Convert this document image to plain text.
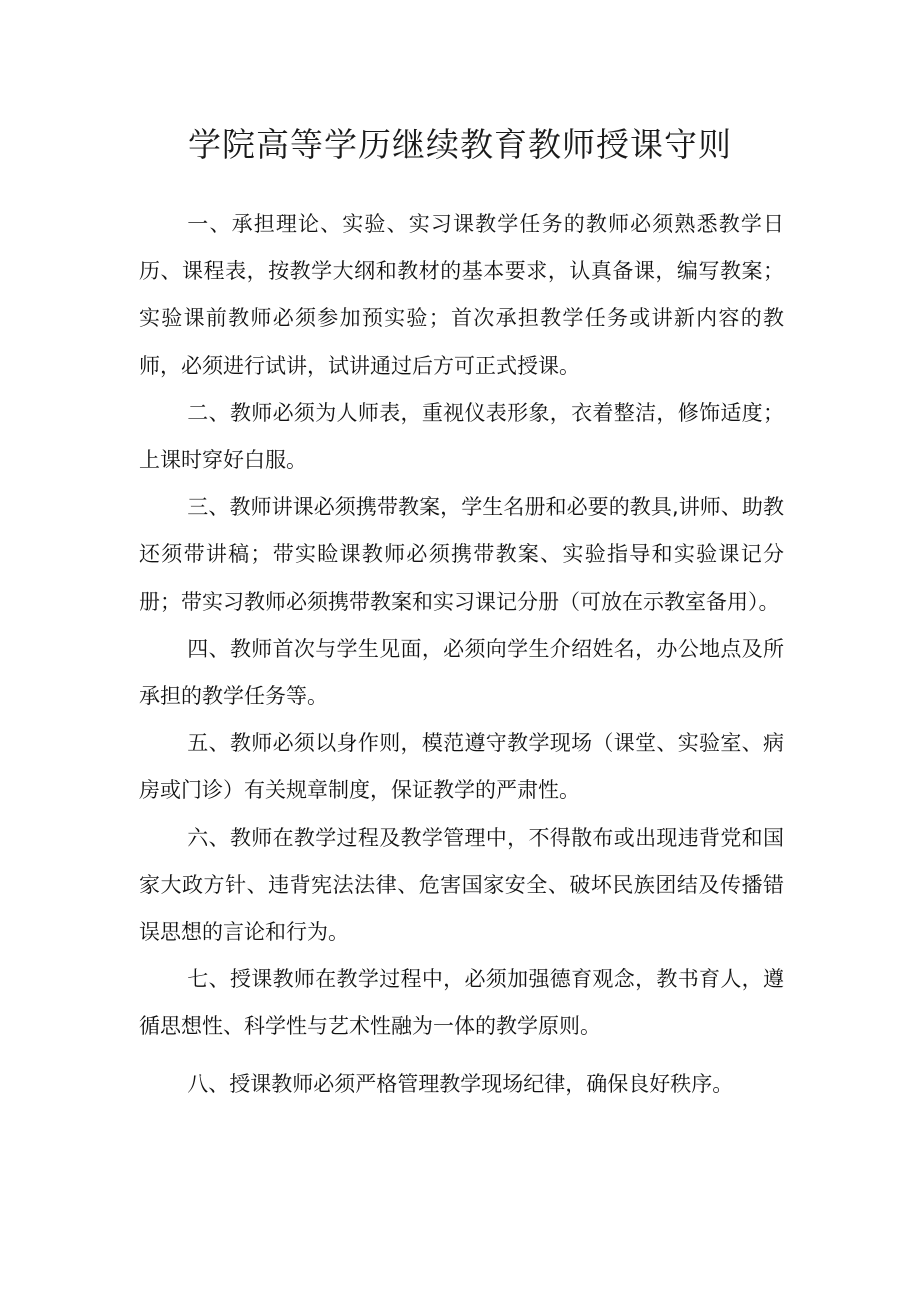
学院高等学历继续教育教师授课守则

一、承担理论、实验、实习课教学任务的教师必须熟悉教学日历、课程表，按教学大纲和教材的基本要求，认真备课，编写教案；实验课前教师必须参加预实验；首次承担教学任务或讲新内容的教师，必须进行试讲，试讲通过后方可正式授课。

二、教师必须为人师表，重视仪表形象，衣着整洁，修饰适度；上课时穿好白服。

三、教师讲课必须携带教案，学生名册和必要的教具,讲师、助教还须带讲稿；带实睑课教师必须携带教案、实验指导和实验课记分册；带实习教师必须携带教案和实习课记分册（可放在示教室备用）。

四、教师首次与学生见面，必须向学生介绍姓名，办公地点及所承担的教学任务等。

五、教师必须以身作则，模范遵守教学现场（课堂、实验室、病房或门诊）有关规章制度，保证教学的严肃性。

六、教师在教学过程及教学管理中，不得散布或出现违背党和国家大政方针、违背宪法法律、危害国家安全、破坏民族团结及传播错误思想的言论和行为。

七、授课教师在教学过程中，必须加强德育观念，教书育人，遵循思想性、科学性与艺术性融为一体的教学原则。

八、授课教师必须严格管理教学现场纪律，确保良好秩序。
